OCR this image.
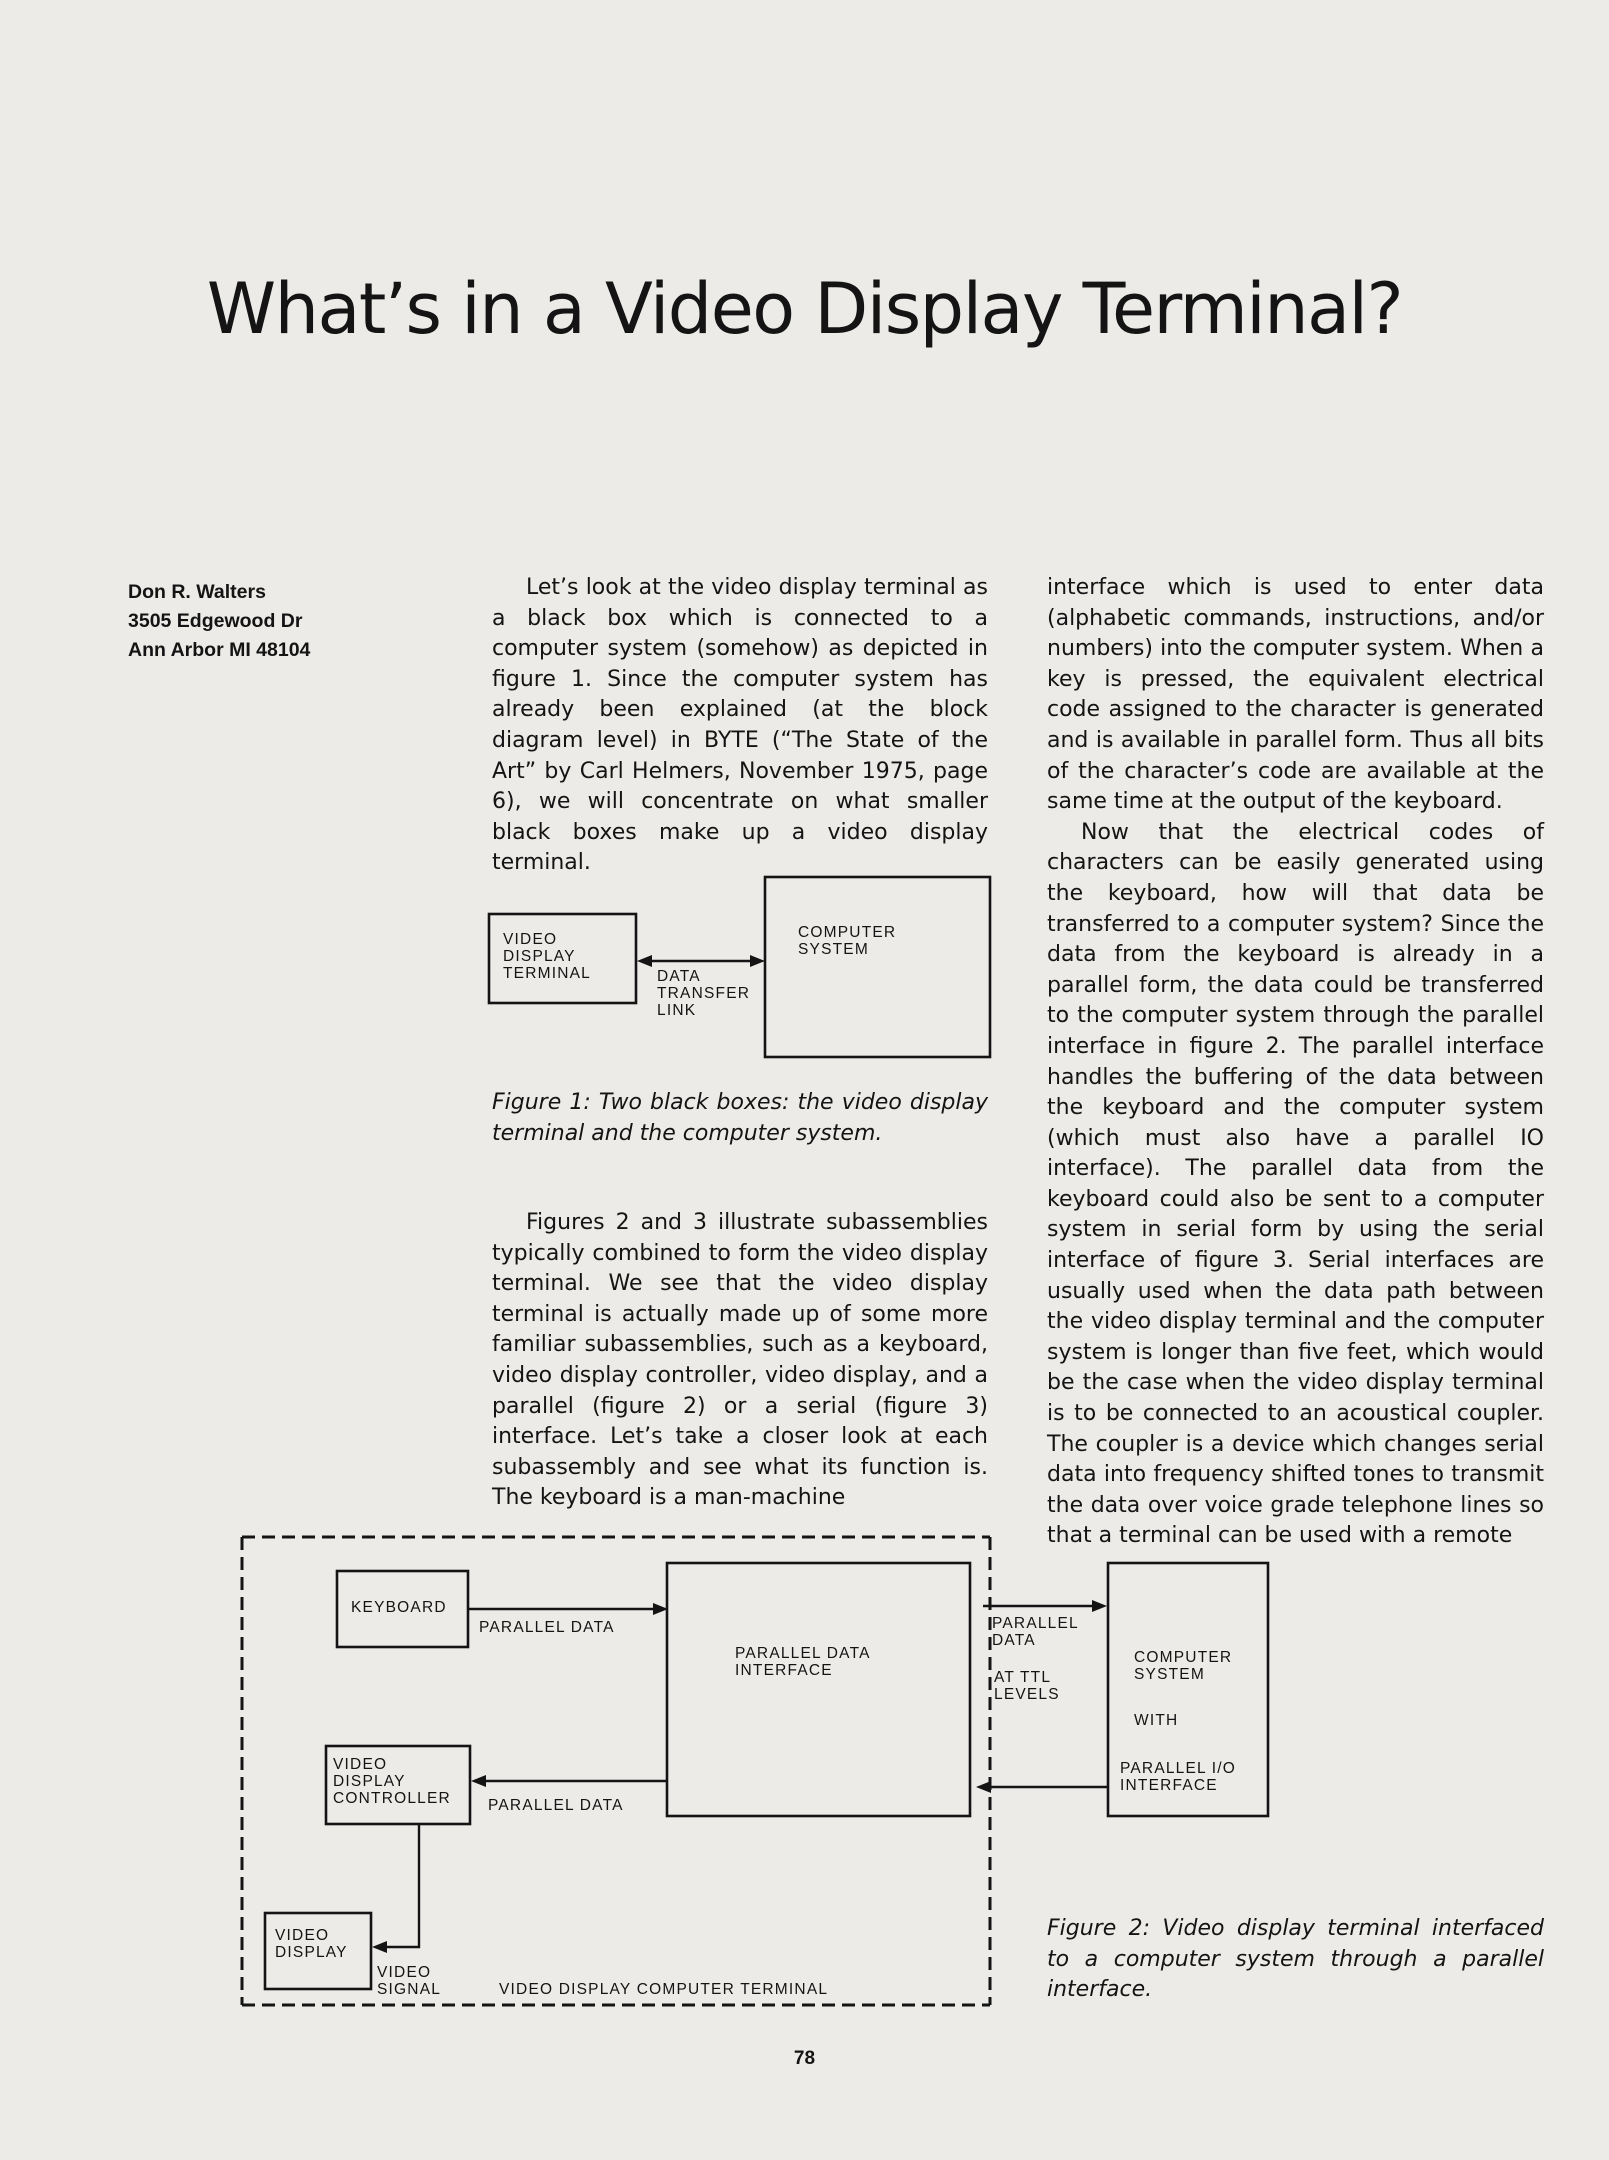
What’s in a Video Display Terminal?
Don R. Walters
3505 Edgewood Dr
Ann Arbor MI 48104

Let’s look at the video display terminal as a black box which is connected to a computer system (somehow) as depicted in figure 1. Since the computer system has already been explained (at the block diagram level) in BYTE (“The State of the Art” by Carl Helmers, November 1975, page 6), we will concentrate on what smaller black boxes make up a video display terminal.

Figure 1: Two black boxes: the video display terminal and the computer system.

Figures 2 and 3 illustrate subassemblies typically combined to form the video display terminal. We see that the video display terminal is actually made up of some more familiar subassemblies, such as a keyboard, video display controller, video display, and a parallel (figure 2) or a serial (figure 3) interface. Let’s take a closer look at each subassembly and see what its function is. The keyboard is a man-machine

interface which is used to enter data (alphabetic commands, instructions, and/or numbers) into the computer system. When a key is pressed, the equivalent electrical code assigned to the character is generated and is available in parallel form. Thus all bits of the character’s code are available at the same time at the output of the keyboard.

Now that the electrical codes of characters can be easily generated using the keyboard, how will that data be transferred to a computer system? Since the data from the keyboard is already in a parallel form, the data could be transferred to the computer system through the parallel interface in figure 2. The parallel interface handles the buffering of the data between the keyboard and the computer system (which must also have a parallel IO interface). The parallel data from the keyboard could also be sent to a computer system in serial form by using the serial interface of figure 3. Serial interfaces are usually used when the data path between the video display terminal and the computer system is longer than five feet, which would be the case when the video display terminal is to be connected to an acoustical coupler. The coupler is a device which changes serial data into frequency shifted tones to transmit the data over voice grade telephone lines so that a terminal can be used with a remote

VIDEO
DISPLAY
TERMINAL
COMPUTER
SYSTEM
DATA
TRANSFER
LINK
KEYBOARD
PARALLEL DATA
PARALLEL DATA
INTERFACE
PARALLEL
DATA
AT TTL
LEVELS
COMPUTER
SYSTEM
WITH
PARALLEL I/O
INTERFACE
VIDEO
DISPLAY
CONTROLLER PARALLEL DATA
VIDEO
DISPLAY
VIDEO
SIGNAL	VIDEO DISPLAY COMPUTER TERMINAL
Figure 2: Video display terminal interfaced to a computer system through a parallel interface.
78
